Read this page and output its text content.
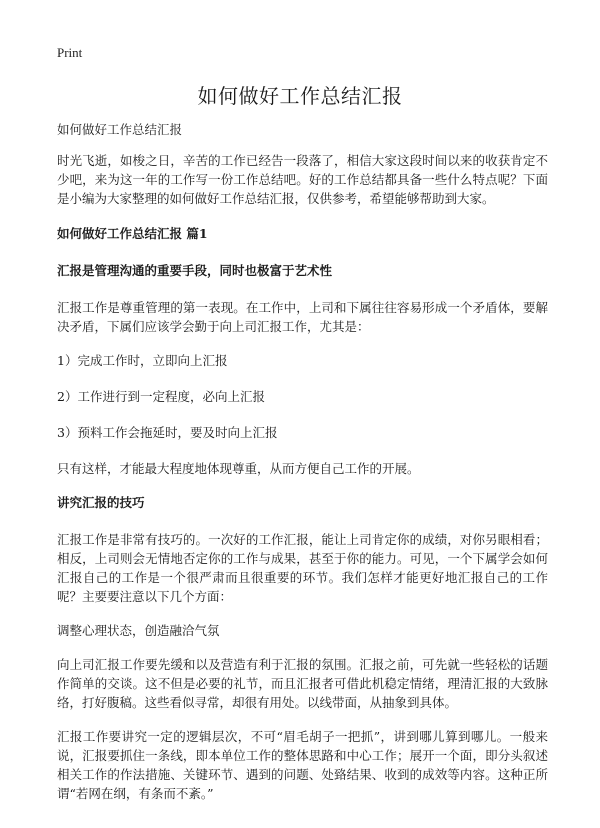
Print
如何做好工作总结汇报

如何做好工作总结汇报

时光飞逝，如梭之日，辛苦的工作已经告一段落了，相信大家这段时间以来的收获肯定不少吧，来为这一年的工作写一份工作总结吧。好的工作总结都具备一些什么特点呢？下面是小编为大家整理的如何做好工作总结汇报，仅供参考，希望能够帮助到大家。

如何做好工作总结汇报 篇1

汇报是管理沟通的重要手段，同时也极富于艺术性

汇报工作是尊重管理的第一表现。在工作中，上司和下属往往容易形成一个矛盾体，要解决矛盾，下属们应该学会勤于向上司汇报工作，尤其是：

1）完成工作时，立即向上汇报

2）工作进行到一定程度，必向上汇报

3）预料工作会拖延时，要及时向上汇报

只有这样，才能最大程度地体现尊重，从而方便自己工作的开展。

讲究汇报的技巧

汇报工作是非常有技巧的。一次好的工作汇报，能让上司肯定你的成绩，对你另眼相看；相反，上司则会无情地否定你的工作与成果，甚至于你的能力。可见，一个下属学会如何汇报自己的工作是一个很严肃而且很重要的环节。我们怎样才能更好地汇报自己的工作呢？主要要注意以下几个方面：

调整心理状态，创造融洽气氛

向上司汇报工作要先缓和以及营造有利于汇报的氛围。汇报之前，可先就一些轻松的话题作简单的交谈。这不但是必要的礼节，而且汇报者可借此机稳定情绪，理清汇报的大致脉络，打好腹稿。这些看似寻常，却很有用处。以线带面，从抽象到具体。

汇报工作要讲究一定的逻辑层次，不可“眉毛胡子一把抓”，讲到哪儿算到哪儿。一般来说，汇报要抓住一条线，即本单位工作的整体思路和中心工作；展开一个面，即分头叙述相关工作的作法措施、关键环节、遇到的问题、处臵结果、收到的成效等内容。这种正所谓“若网在纲，有条而不紊。”
